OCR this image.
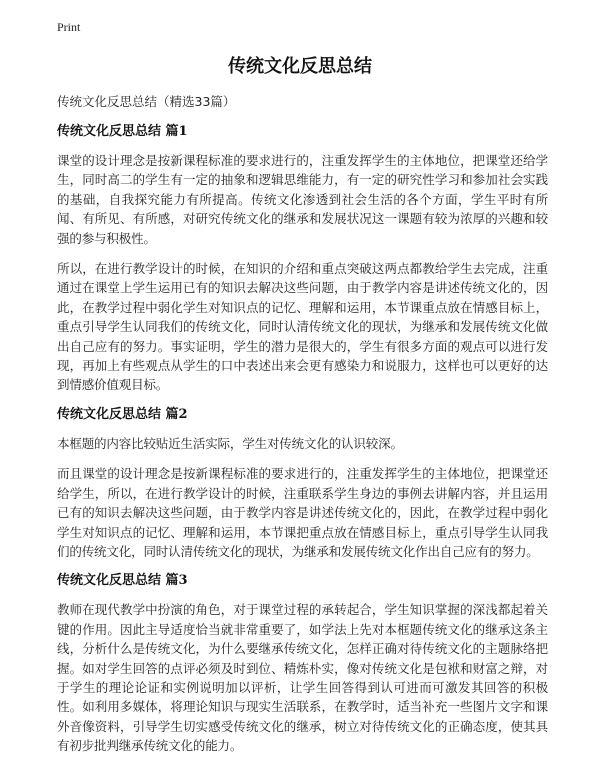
Print
传统文化反思总结

传统文化反思总结（精选33篇）

传统文化反思总结 篇1

课堂的设计理念是按新课程标准的要求进行的，注重发挥学生的主体地位，把课堂还给学生，同时高二的学生有一定的抽象和逻辑思维能力，有一定的研究性学习和参加社会实践的基础，自我探究能力有所提高。传统文化渗透到社会生活的各个方面，学生平时有所闻、有所见、有所感，对研究传统文化的继承和发展状况这一课题有较为浓厚的兴趣和较强的参与积极性。

所以，在进行教学设计的时候，在知识的介绍和重点突破这两点都教给学生去完成，注重通过在课堂上学生运用已有的知识去解决这些问题，由于教学内容是讲述传统文化的，因此，在教学过程中弱化学生对知识点的记忆、理解和运用，本节课重点放在情感目标上，重点引导学生认同我们的传统文化，同时认清传统文化的现状，为继承和发展传统文化做出自己应有的努力。事实证明，学生的潜力是很大的，学生有很多方面的观点可以进行发现，再加上有些观点从学生的口中表述出来会更有感染力和说服力，这样也可以更好的达到情感价值观目标。

传统文化反思总结 篇2

本框题的内容比较贴近生活实际，学生对传统文化的认识较深。

而且课堂的设计理念是按新课程标准的要求进行的，注重发挥学生的主体地位，把课堂还给学生，所以，在进行教学设计的时候，注重联系学生身边的事例去讲解内容，并且运用已有的知识去解决这些问题，由于教学内容是讲述传统文化的，因此，在教学过程中弱化学生对知识点的记忆、理解和运用，本节课把重点放在情感目标上，重点引导学生认同我们的传统文化，同时认清传统文化的现状，为继承和发展传统文化作出自己应有的努力。

传统文化反思总结 篇3

教师在现代教学中扮演的角色，对于课堂过程的承转起合，学生知识掌握的深浅都起着关键的作用。因此主导适度恰当就非常重要了，如学法上先对本框题传统文化的继承这条主线，分析什么是传统文化，为什么要继承传统文化，怎样正确对待传统文化的主题脉络把握。如对学生回答的点评必须及时到位、精炼朴实，像对传统文化是包袱和财富之辩，对于学生的理论论证和实例说明加以评析，让学生回答得到认可进而可激发其回答的积极性。如利用多媒体，将理论知识与现实生活联系，在教学时，适当补充一些图片文字和课外音像资料，引导学生切实感受传统文化的继承，树立对待传统文化的正确态度，使其具有初步批判继承传统文化的能力。
